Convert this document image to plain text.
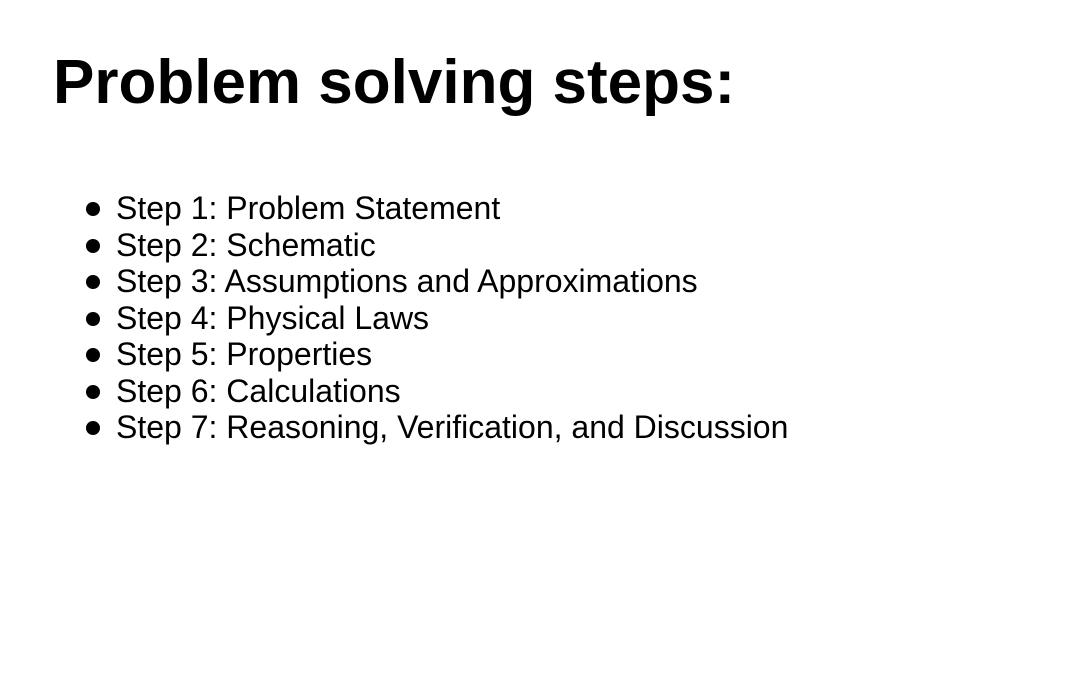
Problem solving steps:
Step 1: Problem Statement
Step 2: Schematic
Step 3: Assumptions and Approximations
Step 4: Physical Laws
Step 5: Properties
Step 6: Calculations
Step 7: Reasoning, Verification, and Discussion
